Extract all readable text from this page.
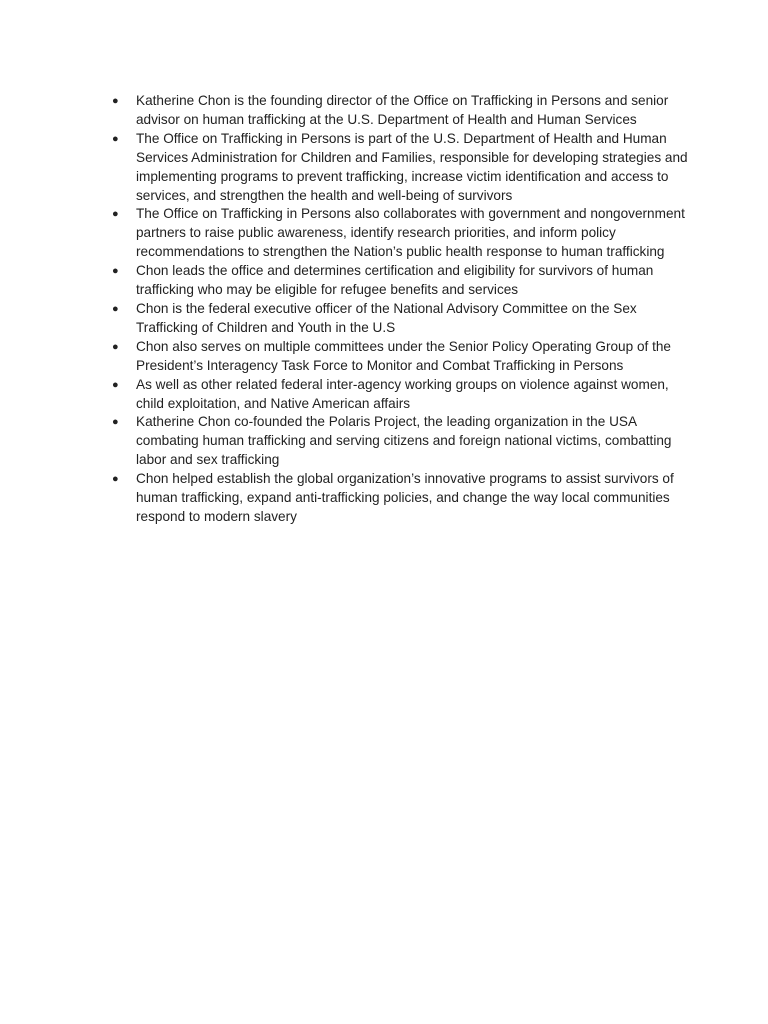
●	Katherine Chon is the founding director of the Office on Trafficking in Persons and senior advisor on human trafficking at the U.S. Department of Health and Human Services
●	The Office on Trafficking in Persons is part of the U.S. Department of Health and Human Services Administration for Children and Families, responsible for developing strategies and implementing programs to prevent trafficking, increase victim identification and access to services, and strengthen the health and well-being of survivors
●	The Office on Trafficking in Persons also collaborates with government and nongovernment partners to raise public awareness, identify research priorities, and inform policy recommendations to strengthen the Nation’s public health response to human trafficking
●	Chon leads the office and determines certification and eligibility for survivors of human trafficking who may be eligible for refugee benefits and services
●	Chon is the federal executive officer of the National Advisory Committee on the Sex Trafficking of Children and Youth in the U.S
●	Chon also serves on multiple committees under the Senior Policy Operating Group of the President’s Interagency Task Force to Monitor and Combat Trafficking in Persons
●	As well as other related federal inter-agency working groups on violence against women, child exploitation, and Native American affairs
●	Katherine Chon co-founded the Polaris Project, the leading organization in the USA combating human trafficking and serving citizens and foreign national victims, combatting labor and sex trafficking
●	Chon helped establish the global organization’s innovative programs to assist survivors of human trafficking, expand anti-trafficking policies, and change the way local communities respond to modern slavery
